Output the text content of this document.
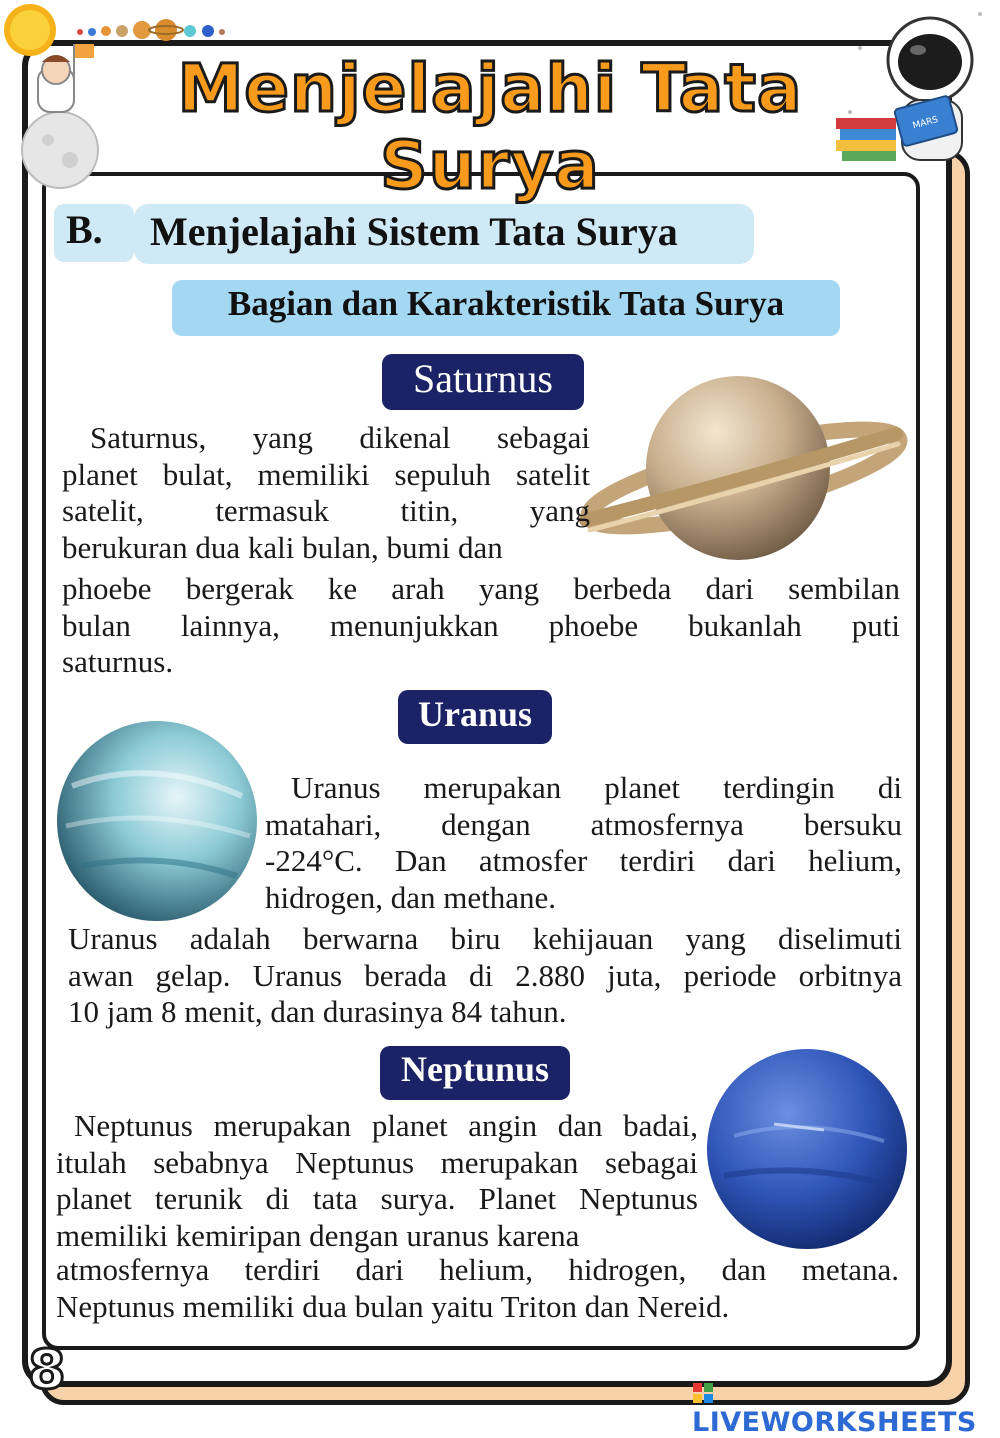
MARS
Menjelajahi Tata Surya
B. Menjelajahi Sistem Tata Surya
Bagian dan Karakteristik Tata Surya
Saturnus

Saturnus, yang dikenal sebagai

planet bulat, memiliki sepuluh satelit

satelit, termasuk titin, yang

berukuran dua kali bulan, bumi dan

phoebe bergerak ke arah yang berbeda dari sembilan

bulan lainnya, menunjukkan phoebe bukanlah puti

saturnus.

Uranus

Uranus merupakan planet terdingin di

matahari, dengan atmosfernya bersuku

-224°C. Dan atmosfer terdiri dari helium,

hidrogen, dan methane.

Uranus adalah berwarna biru kehijauan yang diselimuti

awan gelap. Uranus berada di 2.880 juta, periode orbitnya

10 jam 8 menit, dan durasinya 84 tahun.

Neptunus

Neptunus merupakan planet angin dan badai,

itulah sebabnya Neptunus merupakan sebagai

planet terunik di tata surya. Planet Neptunus

memiliki kemiripan dengan uranus karena

atmosfernya terdiri dari helium, hidrogen, dan metana.

Neptunus memiliki dua bulan yaitu Triton dan Nereid.

8
LIVEWORKSHEETS
